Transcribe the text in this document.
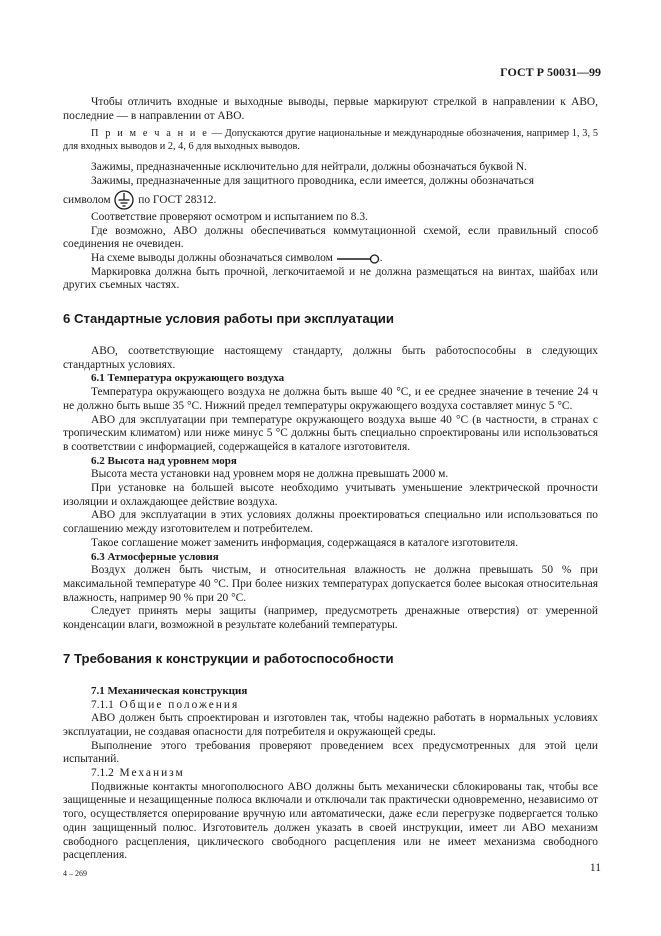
ГОСТ Р 50031—99

Чтобы отличить входные и выходные выводы, первые маркируют стрелкой в направлении к АВО, последние — в направлении от АВО.

П р и м е ч а н и е — Допускаются другие национальные и международные обозначения, например 1, 3, 5 для входных выводов и 2, 4, 6 для выходных выводов.

Зажимы, предназначенные исключительно для нейтрали, должны обозначаться буквой N.

Зажимы, предназначенные для защитного проводника, если имеется, должны обозначаться

символом по ГОСТ 28312.

Соответствие проверяют осмотром и испытанием по 8.3.

Где возможно, АВО должны обеспечиваться коммутационной схемой, если правильный способ соединения не очевиден.

На схеме выводы должны обозначаться символом	.

Маркировка должна быть прочной, легкочитаемой и не должна размещаться на винтах, шайбах или других съемных частях.

6 Стандартные условия работы при эксплуатации

АВО, соответствующие настоящему стандарту, должны быть работоспособны в следующих стандартных условиях.

6.1 Температура окружающего воздуха

Температура окружающего воздуха не должна быть выше 40 °С, и ее среднее значение в течение 24 ч не должно быть выше 35 °С. Нижний предел температуры окружающего воздуха составляет минус 5 °С.

АВО для эксплуатации при температуре окружающего воздуха выше 40 °С (в частности, в странах с тропическим климатом) или ниже минус 5 °С должны быть специально спроектированы или использоваться в соответствии с информацией, содержащейся в каталоге изготовителя.

6.2 Высота над уровнем моря

Высота места установки над уровнем моря не должна превышать 2000 м.

При установке на большей высоте необходимо учитывать уменьшение электрической прочности изоляции и охлаждающее действие воздуха.

АВО для эксплуатации в этих условиях должны проектироваться специально или использоваться по соглашению между изготовителем и потребителем.

Такое соглашение может заменить информация, содержащаяся в каталоге изготовителя.

6.3 Атмосферные условия

Воздух должен быть чистым, и относительная влажность не должна превышать 50 % при максимальной температуре 40 °С. При более низких температурах допускается более высокая относительная влажность, например 90 % при 20 °С.

Следует принять меры защиты (например, предусмотреть дренажные отверстия) от умеренной конденсации влаги, возможной в результате колебаний температуры.

7 Требования к конструкции и работоспособности

7.1 Механическая конструкция

7.1.1 Общие положения

АВО должен быть спроектирован и изготовлен так, чтобы надежно работать в нормальных условиях эксплуатации, не создавая опасности для потребителя и окружающей среды.

Выполнение этого требования проверяют проведением всех предусмотренных для этой цели испытаний.

7.1.2 Механизм

Подвижные контакты многополюсного АВО должны быть механически сблокированы так, чтобы все защищенные и незащищенные полюса включали и отключали так практически одновременно, независимо от того, осуществляется оперирование вручную или автоматически, даже если перегрузке подвергается только один защищенный полюс. Изготовитель должен указать в своей инструкции, имеет ли АВО механизм свободного расцепления, циклического свободного расцепления или не имеет механизма свободного расцепления.

4 – 269	11
